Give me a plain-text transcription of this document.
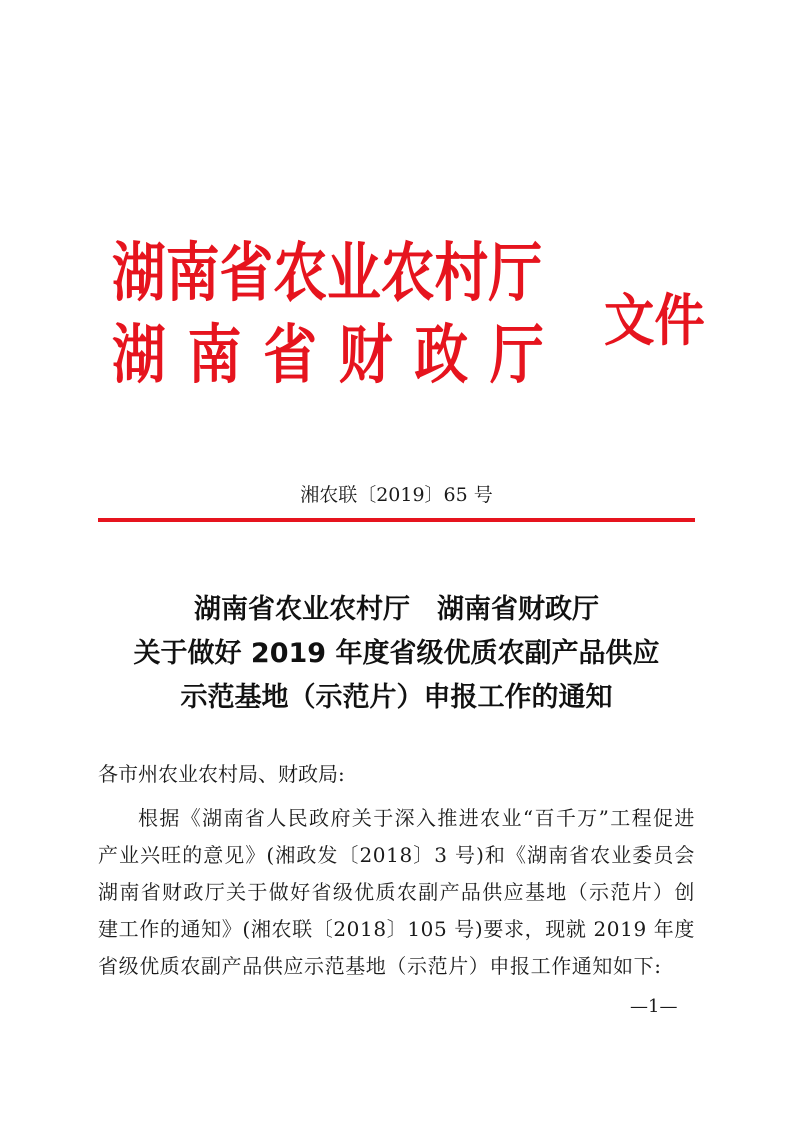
湖南省农业农村厅
湖南省财政厅 文件
湘农联〔2019〕65 号
湖南省农业农村厅　湖南省财政厅
关于做好 2019 年度省级优质农副产品供应
示范基地（示范片）申报工作的通知
各市州农业农村局、财政局:
根据《湖南省人民政府关于深入推进农业“百千万”工程促进产业兴旺的意见》(湘政发〔2018〕3 号)和《湖南省农业委员会湖南省财政厅关于做好省级优质农副产品供应基地（示范片）创建工作的通知》(湘农联〔2018〕105 号)要求，现就 2019 年度省级优质农副产品供应示范基地（示范片）申报工作通知如下:
—1—
